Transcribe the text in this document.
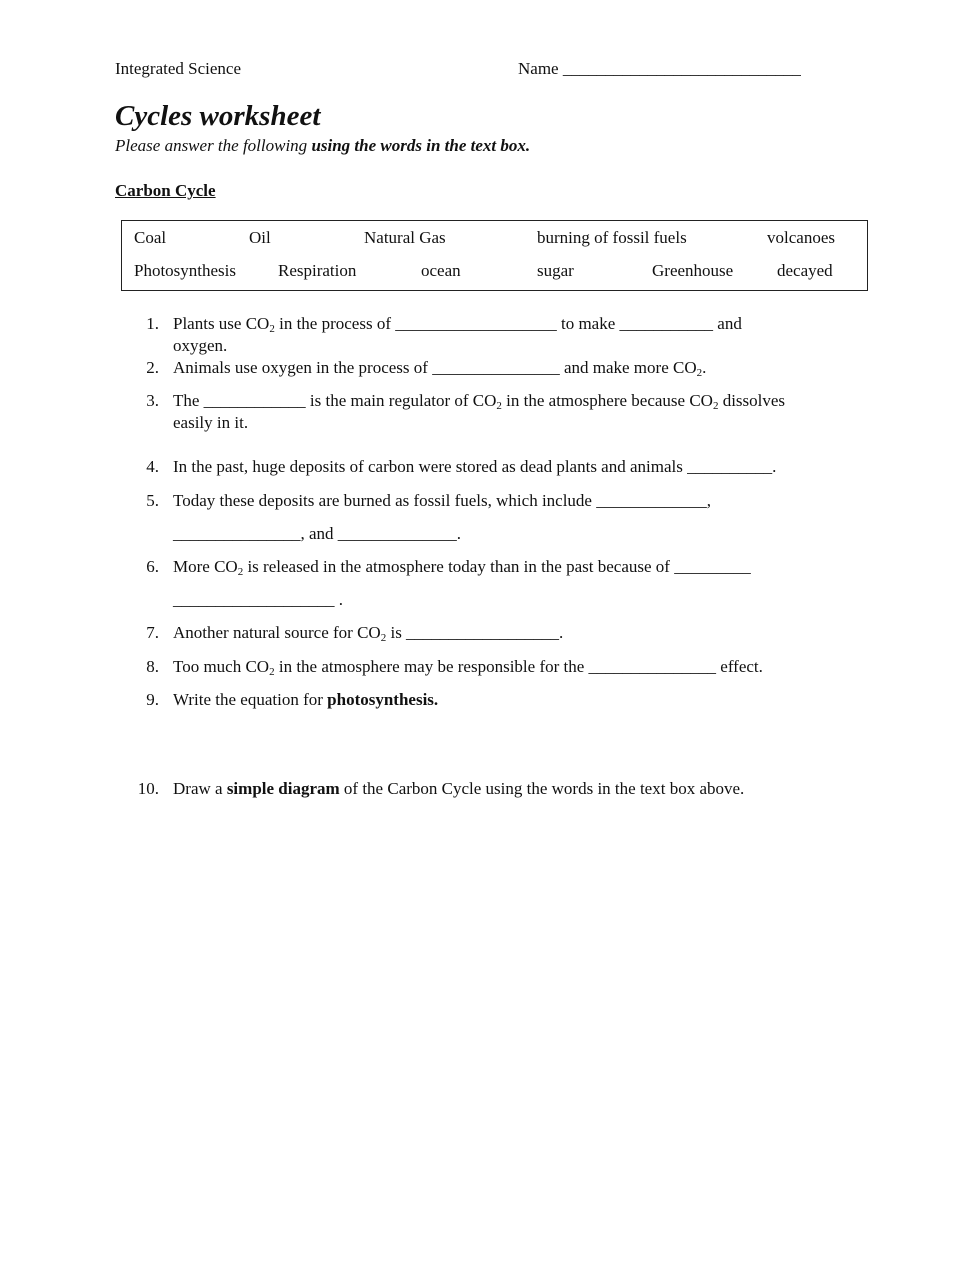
Integrated Science	Name ____________________________
Cycles worksheet
Please answer the following using the words in the text box.
Carbon Cycle
Coal	Oil	Natural Gas	burning of fossil fuels	volcanoes
Photosynthesis Respiration	ocean	sugar	Greenhouse	decayed
1. Plants use $CO_2$ in the process of ___________________ to make ___________ and
oxygen.
2. Animals use oxygen in the process of _______________ and make more $CO_2$.
3. The ____________ is the main regulator of $CO_2$ in the atmosphere because $CO_2$ dissolves
easily in it.
4. In the past, huge deposits of carbon were stored as dead plants and animals __________.
5. Today these deposits are burned as fossil fuels, which include _____________,
_______________, and ______________.
6. More $CO_2$ is released in the atmosphere today than in the past because of _________
___________________ .
7. Another natural source for $CO_2$ is __________________.
8. Too much $CO_2$ in the atmosphere may be responsible for the _______________ effect.
9. Write the equation for photosynthesis.
10. Draw a simple diagram of the Carbon Cycle using the words in the text box above.
